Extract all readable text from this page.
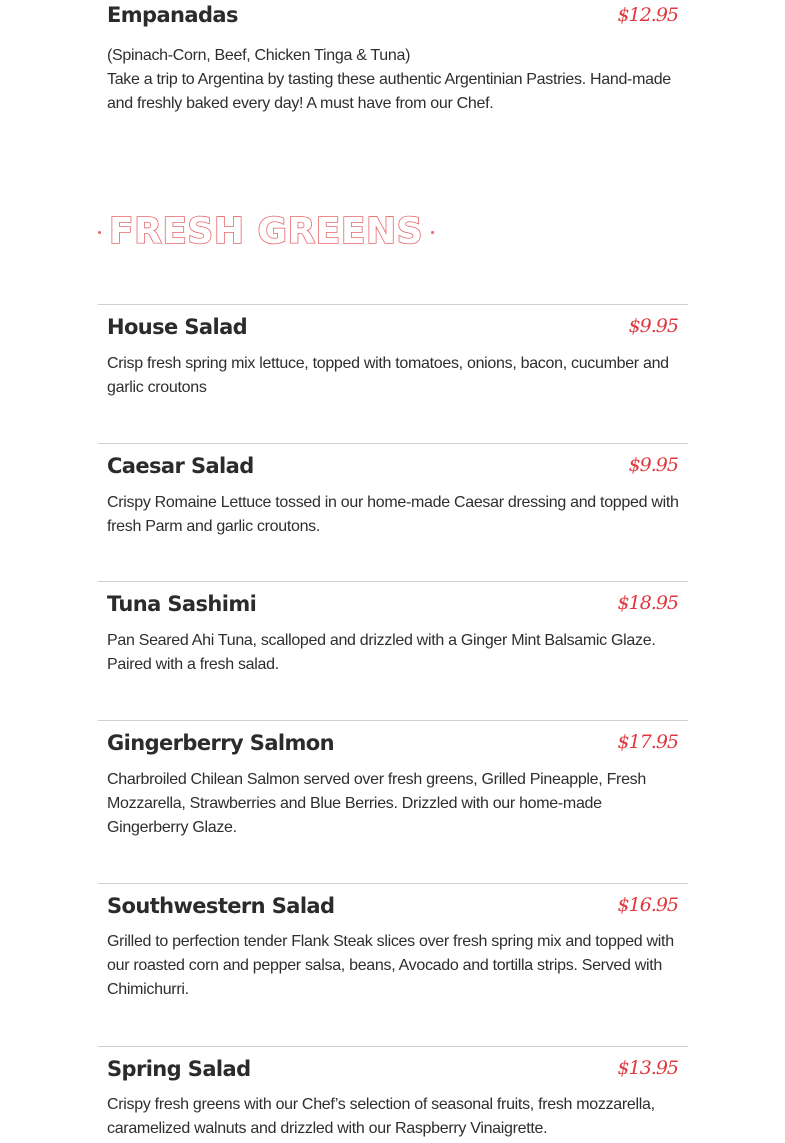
Empanadas	$12.95

(Spinach-Corn, Beef, Chicken Tinga & Tuna)
Take a trip to Argentina by tasting these authentic Argentinian Pastries. Hand-made and freshly baked every day! A must have from our Chef.

FRESH GREENS
House Salad	$9.95

Crisp fresh spring mix lettuce, topped with tomatoes, onions, bacon, cucumber and garlic croutons

Caesar Salad	$9.95

Crispy Romaine Lettuce tossed in our home-made Caesar dressing and topped with fresh Parm and garlic croutons.

Tuna Sashimi	$18.95

Pan Seared Ahi Tuna, scalloped and drizzled with a Ginger Mint Balsamic Glaze. Paired with a fresh salad.

Gingerberry Salmon	$17.95

Charbroiled Chilean Salmon served over fresh greens, Grilled Pineapple, Fresh Mozzarella, Strawberries and Blue Berries. Drizzled with our home-made Gingerberry Glaze.

Southwestern Salad	$16.95

Grilled to perfection tender Flank Steak slices over fresh spring mix and topped with our roasted corn and pepper salsa, beans, Avocado and tortilla strips. Served with Chimichurri.

Spring Salad	$13.95

Crispy fresh greens with our Chef’s selection of seasonal fruits, fresh mozzarella, caramelized walnuts and drizzled with our Raspberry Vinaigrette.
